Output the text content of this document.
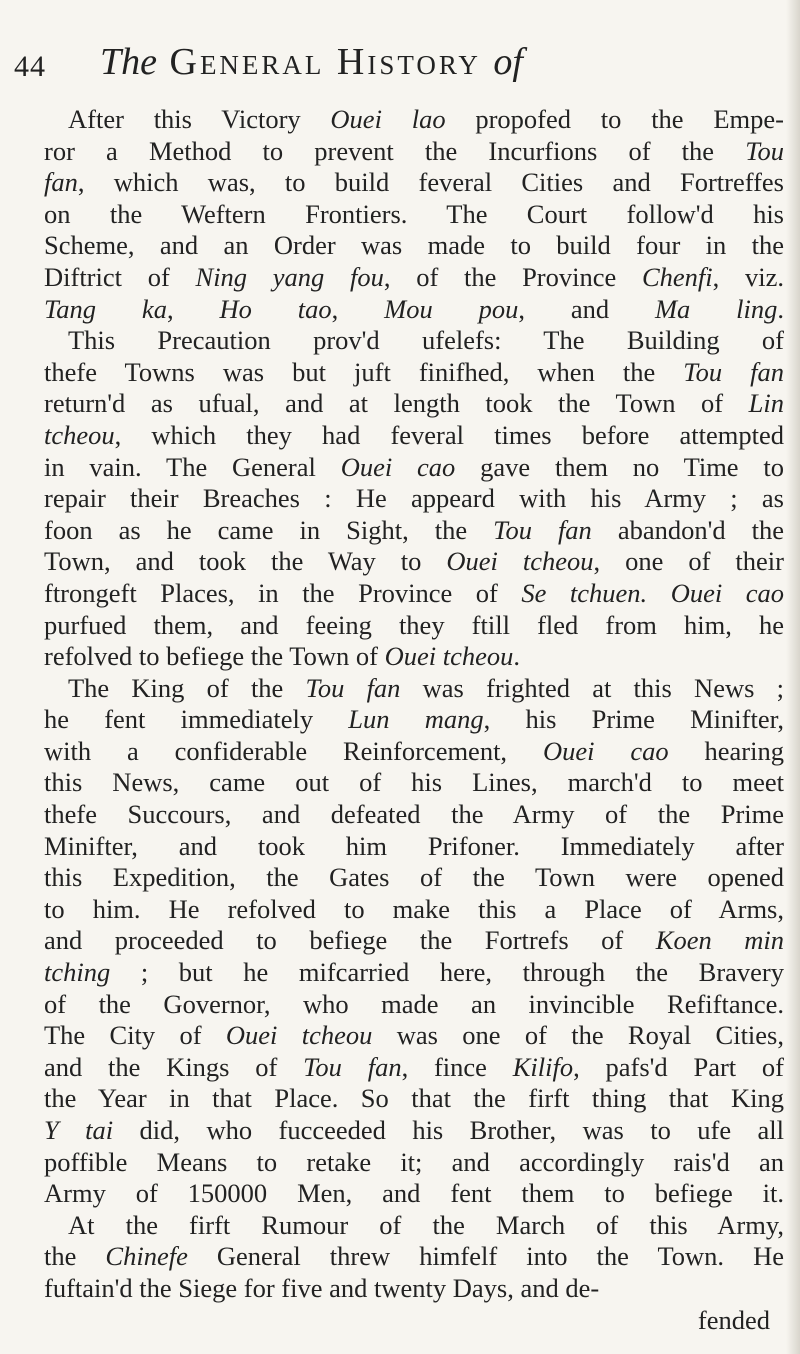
44 The General History of
After this Victory Ouei lao propofed to the Empe-
ror a Method to prevent the Incurfions of the Tou
fan, which was, to build feveral Cities and Fortreffes
on the Weftern Frontiers. The Court follow'd his
Scheme, and an Order was made to build four in the
Diftrict of Ning yang fou, of the Province Chenfi, viz.
Tang ka, Ho tao, Mou pou, and Ma ling.
This Precaution prov'd ufelefs: The Building of
thefe Towns was but juft finifhed, when the Tou fan
return'd as ufual, and at length took the Town of Lin
tcheou, which they had feveral times before attempted
in vain. The General Ouei cao gave them no Time to
repair their Breaches : He appeard with his Army ; as
foon as he came in Sight, the Tou fan abandon'd the
Town, and took the Way to Ouei tcheou, one of their
ftrongeft Places, in the Province of Se tchuen. Ouei cao
purfued them, and feeing they ftill fled from him, he
refolved to befiege the Town of Ouei tcheou.
The King of the Tou fan was frighted at this News ;
he fent immediately Lun mang, his Prime Minifter,
with a confiderable Reinforcement, Ouei cao hearing
this News, came out of his Lines, march'd to meet
thefe Succours, and defeated the Army of the Prime
Minifter, and took him Prifoner. Immediately after
this Expedition, the Gates of the Town were opened
to him. He refolved to make this a Place of Arms,
and proceeded to befiege the Fortrefs of Koen min
tching ; but he mifcarried here, through the Bravery
of the Governor, who made an invincible Refiftance.
The City of Ouei tcheou was one of the Royal Cities,
and the Kings of Tou fan, fince Kilifo, pafs'd Part of
the Year in that Place. So that the firft thing that King
Y tai did, who fucceeded his Brother, was to ufe all
poffible Means to retake it; and accordingly rais'd an
Army of 150000 Men, and fent them to befiege it.
At the firft Rumour of the March of this Army,
the Chinefe General threw himfelf into the Town. He
fuftain'd the Siege for five and twenty Days, and de-
fended
